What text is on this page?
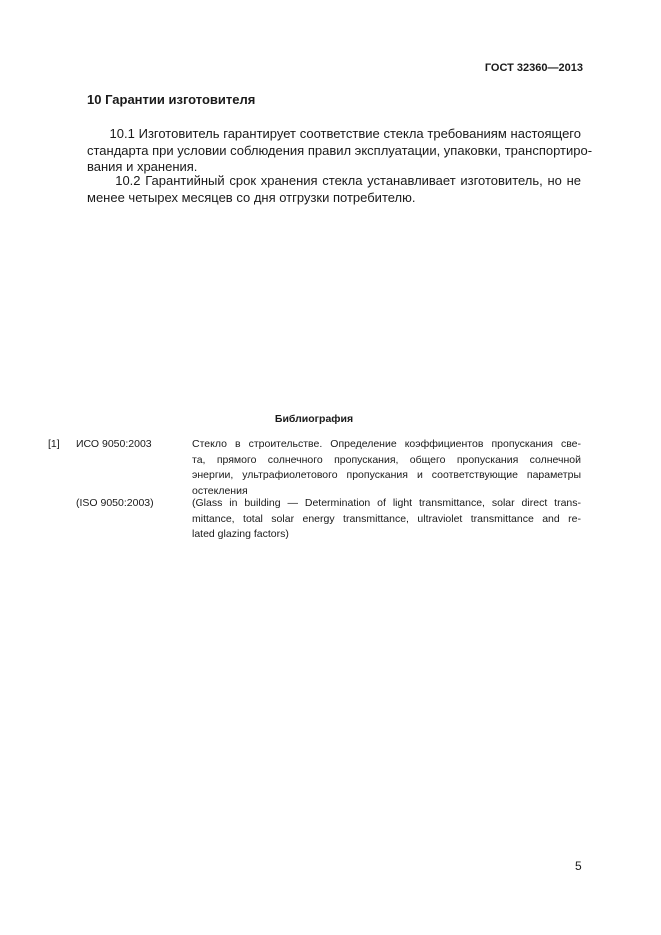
ГОСТ 32360—2013
10 Гарантии изготовителя
10.1 Изготовитель гарантирует соответствие стекла требованиям настоящего
стандарта при условии соблюдения правил эксплуатации, упаковки, транспортиро-
вания и хранения.
10.2 Гарантийный срок хранения стекла устанавливает изготовитель, но не
менее четырех месяцев со дня отгрузки потребителю.
Библиография
[1] ИСО 9050:2003
(ISO 9050:2003)
Стекло в строительстве. Определение коэффициентов пропускания све-
та, прямого солнечного пропускания, общего пропускания солнечной
энергии, ультрафиолетового пропускания и соответствующие параметры
остекления
(Glass in building — Determination of light transmittance, solar direct trans-
mittance, total solar energy transmittance, ultraviolet transmittance and re-
lated glazing factors)
5
